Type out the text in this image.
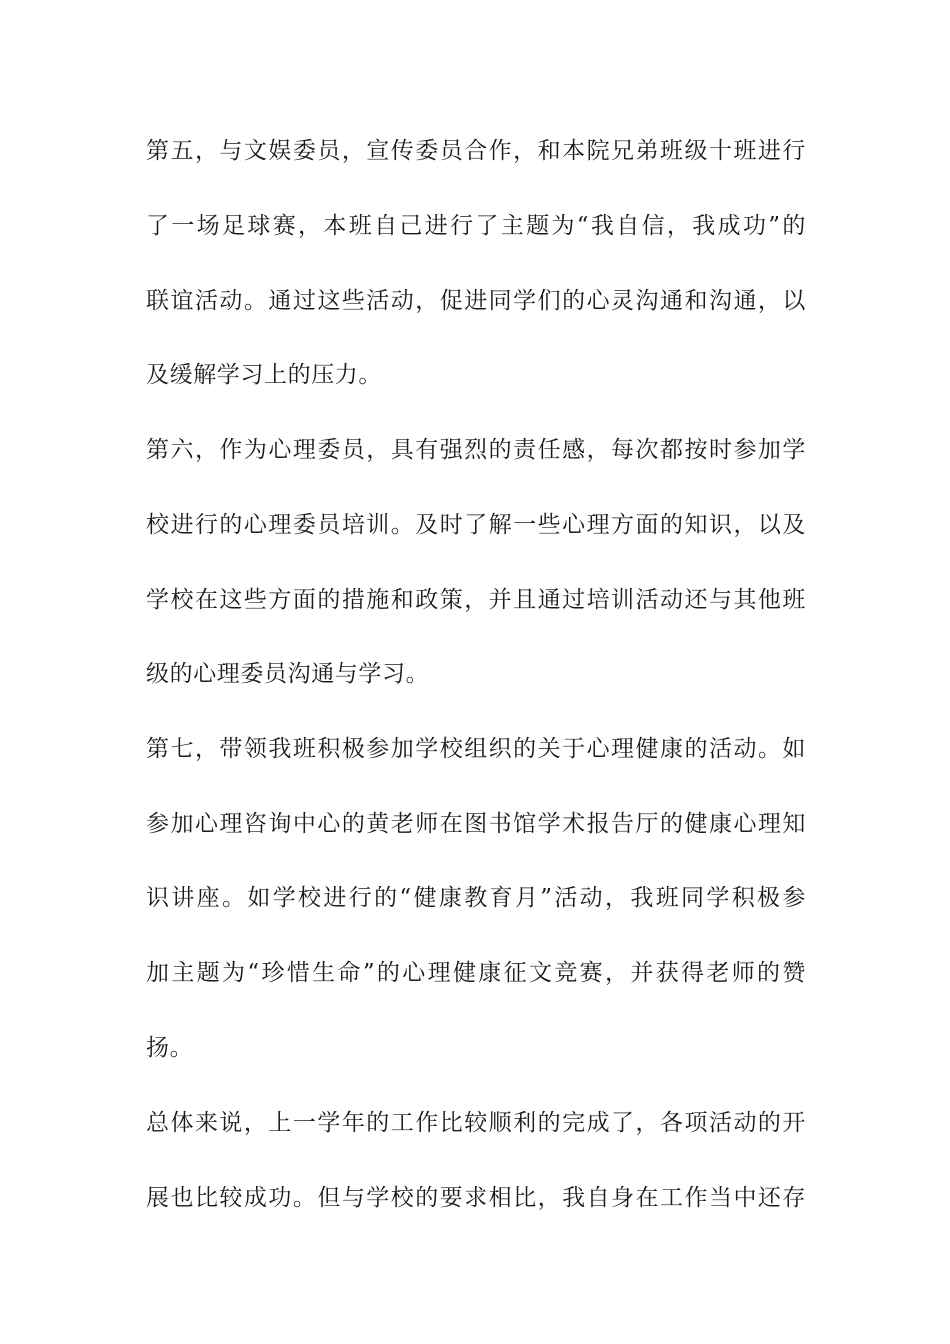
第五，与文娱委员，宣传委员合作，和本院兄弟班级十班进行
了一场足球赛，本班自己进行了主题为“我自信，我成功”的
联谊活动。通过这些活动，促进同学们的心灵沟通和沟通，以
及缓解学习上的压力。
第六，作为心理委员，具有强烈的责任感，每次都按时参加学
校进行的心理委员培训。及时了解一些心理方面的知识，以及
学校在这些方面的措施和政策，并且通过培训活动还与其他班
级的心理委员沟通与学习。
第七，带领我班积极参加学校组织的关于心理健康的活动。如
参加心理咨询中心的黄老师在图书馆学术报告厅的健康心理知
识讲座。如学校进行的“健康教育月”活动，我班同学积极参
加主题为“珍惜生命”的心理健康征文竞赛，并获得老师的赞
扬。
总体来说，上一学年的工作比较顺利的完成了，各项活动的开
展也比较成功。但与学校的要求相比，我自身在工作当中还存
